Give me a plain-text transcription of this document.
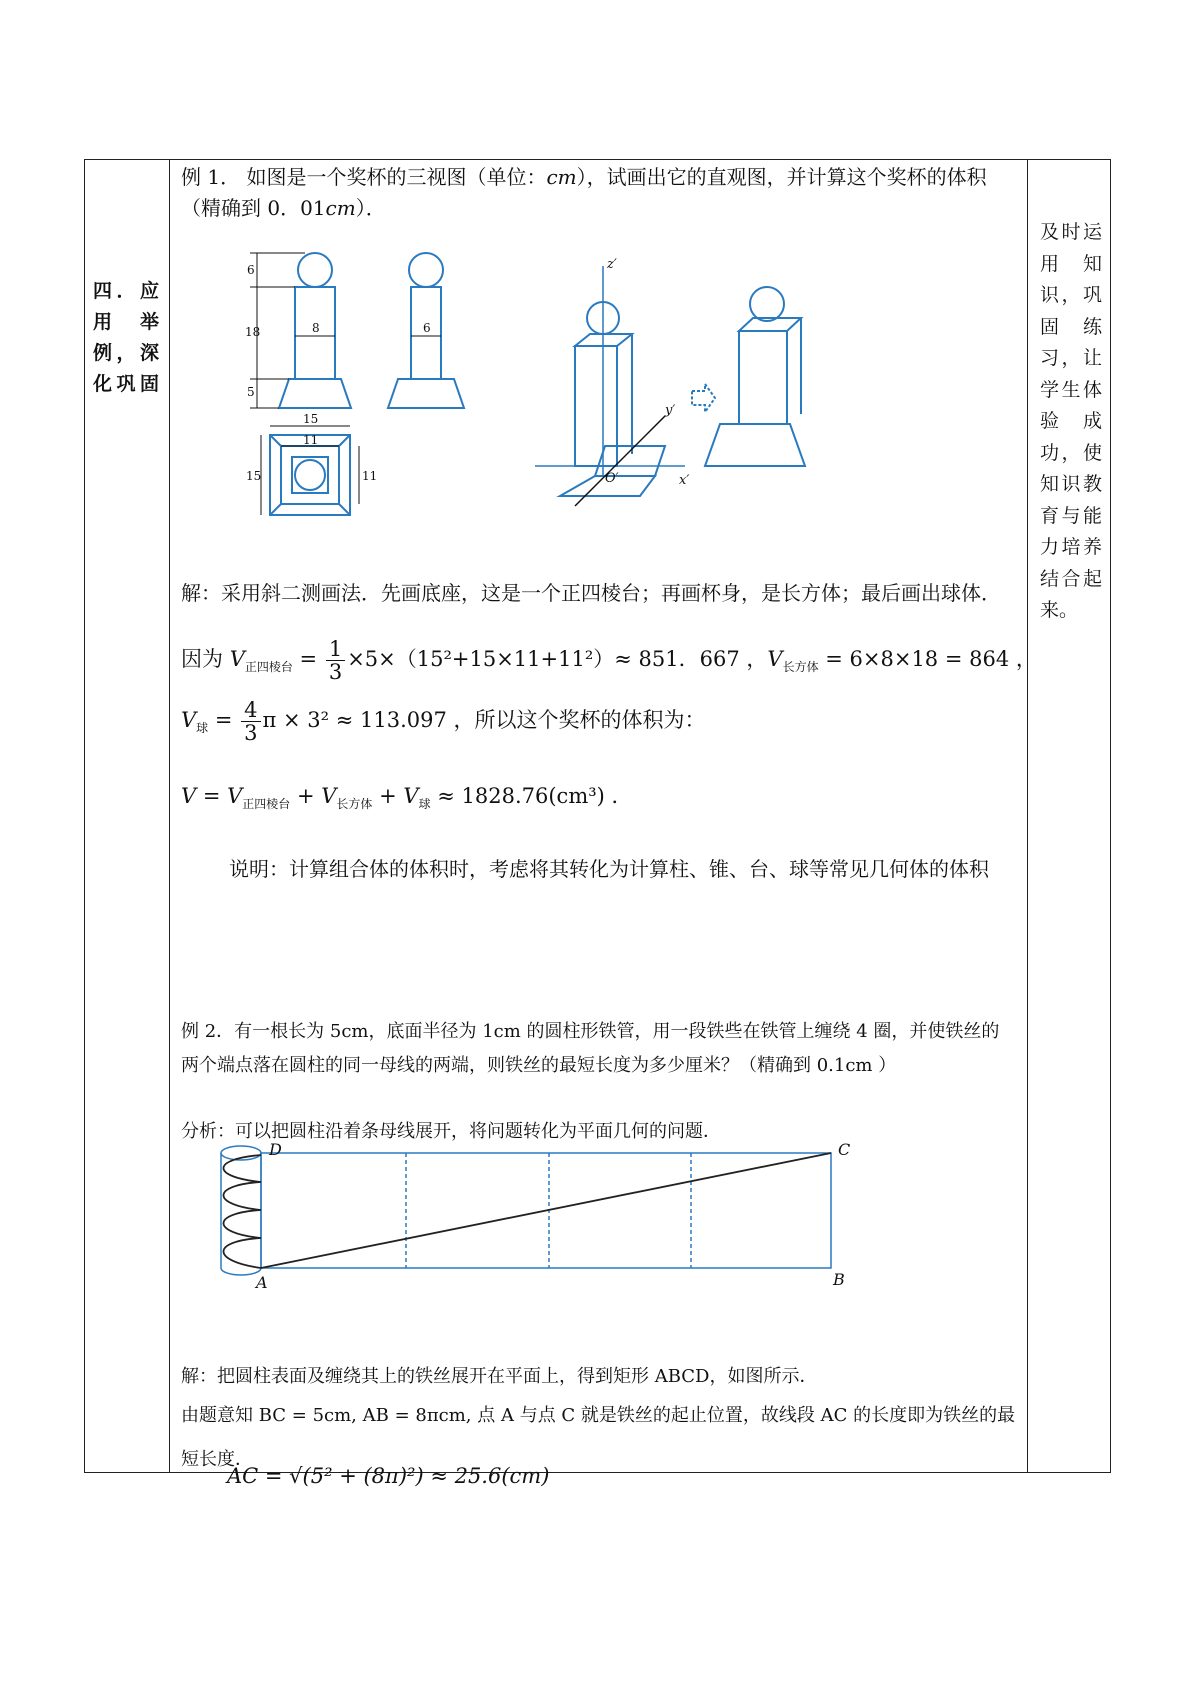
四．应用举例，深化巩固
及时运用知识，巩固练习，让学生体验成功，使知识教育与能力培养结合起来。
例 1． 如图是一个奖杯的三视图（单位：cm），试画出它的直观图，并计算这个奖杯的体积（精确到 0．01cm）．
6
18
5
8	6
15
11
15	11
z′
y′
x′
O′
解：采用斜二测画法．先画底座，这是一个正四棱台；再画杯身，是长方体；最后画出球体．
因为 $V_{正四棱台} = \frac{1}{3} \times 5\times(15^2+15\times 11+11^2)\approx 851$．667 ，$V_{长方体} = 6\times 8\times 18 = 864$ ，
$V_球 = \frac{4}{3}$ π × 3² ≈ 113.097 ，所以这个奖杯的体积为：
$V = V_{正四棱台} + V_{长方体} + V_球 \approx 1828.76(cm^3)$ ．
说明：计算组合体的体积时，考虑将其转化为计算柱、锥、台、球等常见几何体的体积
例 2．有一根长为 5cm，底面半径为 1cm 的圆柱形铁管，用一段铁些在铁管上缠绕 4 圈，并使铁丝的两个端点落在圆柱的同一母线的两端，则铁丝的最短长度为多少厘米？（精确到 0.1cm ）
分析：可以把圆柱沿着条母线展开，将问题转化为平面几何的问题．
D	C
A	B
解：把圆柱表面及缠绕其上的铁丝展开在平面上，得到矩形 ABCD，如图所示．
由题意知 BC = 5cm, AB = 8πcm, 点 A 与点 C 就是铁丝的起止位置，故线段 AC 的长度即为铁丝的最短长度．
AC = √(5² + (8π)²) ≈ 25.6(cm)
